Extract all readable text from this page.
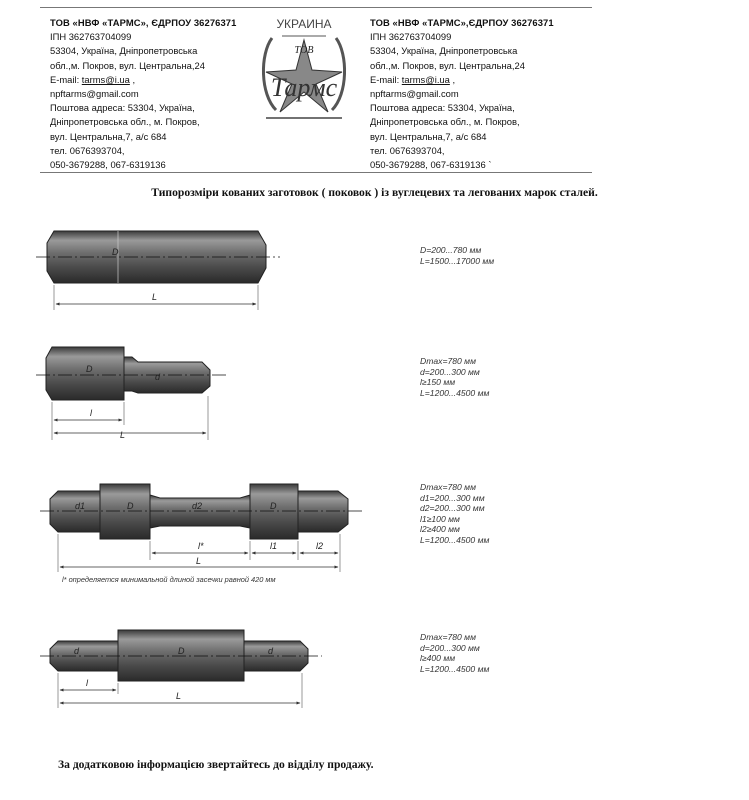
ТОВ «НВФ «ТАРМС», ЄДРПОУ 36276371
ІПН 362763704099
53304, Україна, Дніпропетровська
обл.,м. Покров, вул. Центральна,24
E-mail: tarms@i.ua ,
npftarms@gmail.com
Поштова адреса: 53304, Україна,
Дніпропетровська обл., м. Покров,
вул. Центральна,7, а/с 684
тел. 0676393704,
050-3679288, 067-6319136
ТОВ «НВФ «ТАРМС»,ЄДРПОУ 36276371
ІПН 362763704099
53304, Україна, Дніпропетровська
обл.,м. Покров, вул. Центральна,24
E-mail: tarms@i.ua ,
npftarms@gmail.com
Поштова адреса: 53304, Україна,
Дніпропетровська обл., м. Покров,
вул. Центральна,7, а/с 684
тел. 0676393704,
050-3679288, 067-6319136 `
УКРАИНА
ТОВ
Тармс
Типорозміри кованих заготовок ( поковок ) із вуглецевих та легованих марок сталей.
D
L
D
d
l
L
d1	D	d2	D
l*	l1	l2
L
d	D	d
l
L
D=200...780 мм
L=1500...17000 мм
Dmax=780 мм
d=200...300 мм
l≥150 мм
L=1200...4500 мм
Dmax=780 мм
d1=200...300 мм
d2=200...300 мм
l1≥100 мм
l2≥400 мм
L=1200...4500 мм
Dmax=780 мм
d=200...300 мм
l≥400 мм
L=1200...4500 мм
l* определяется минимальной длиной засечки равной 420 мм
За додатковою інформацією звертайтесь до відділу продажу.
